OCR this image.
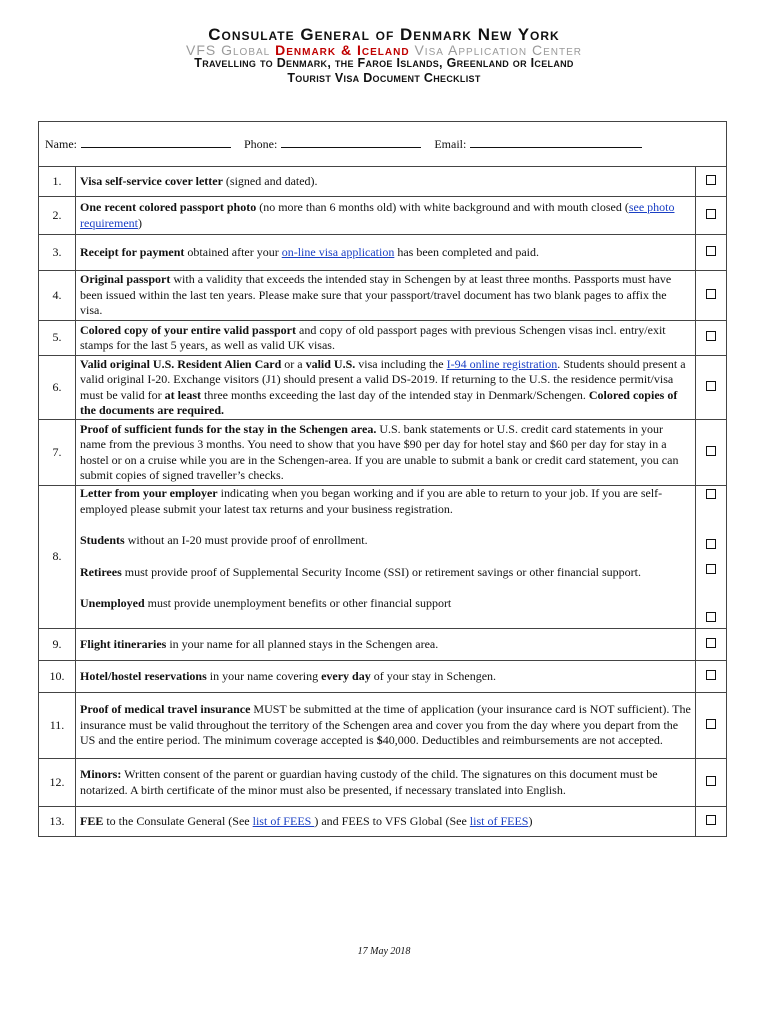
Consulate General of Denmark New York
VFS Global Denmark & Iceland Visa Application Center
Travelling to Denmark, the Faroe Islands, Greenland or Iceland
Tourist Visa Document Checklist
Name: Phone: Email:		
1.	Visa self-service cover letter (signed and dated).	
2.	One recent colored passport photo (no more than 6 months old) with white background and with mouth closed (see photo requirement)	
3.	Receipt for payment obtained after your on-line visa application has been completed and paid.	
4.	Original passport with a validity that exceeds the intended stay in Schengen by at least three months. Passports must have been issued within the last ten years. Please make sure that your passport/travel document has two blank pages to affix the visa.	
5.	Colored copy of your entire valid passport and copy of old passport pages with previous Schengen visas incl. entry/exit stamps for the last 5 years, as well as valid UK visas.	
6.	Valid original U.S. Resident Alien Card or a valid U.S. visa including the I-94 online registration. Students should present a valid original I-20. Exchange visitors (J1) should present a valid DS-2019. If returning to the U.S. the residence permit/visa must be valid for at least three months exceeding the last day of the intended stay in Denmark/Schengen. Colored copies of the documents are required.	
7.	Proof of sufficient funds for the stay in the Schengen area. U.S. bank statements or U.S. credit card statements in your name from the previous 3 months. You need to show that you have $90 per day for hotel stay and $60 per day for stay in a hostel or on a cruise while you are in the Schengen-area. If you are unable to submit a bank or credit card statement, you can submit copies of signed traveller’s checks.	
8.	Letter from your employer indicating when you began working and if you are able to return to your job. If you are self-employed please submit your latest tax returns and your business registration.
Students without an I-20 must provide proof of enrollment.
Retirees must provide proof of Supplemental Security Income (SSI) or retirement savings or other financial support.
Unemployed must provide unemployment benefits or other financial support	

9.	Flight itineraries in your name for all planned stays in the Schengen area.	
10.	Hotel/hostel reservations in your name covering every day of your stay in Schengen.	
11.	Proof of medical travel insurance MUST be submitted at the time of application (your insurance card is NOT sufficient). The insurance must be valid throughout the territory of the Schengen area and cover you from the day where you depart from the US and the entire period. The minimum coverage accepted is $40,000. Deductibles and reimbursements are not accepted.	
12.	Minors: Written consent of the parent or guardian having custody of the child. The signatures on this document must be notarized. A birth certificate of the minor must also be presented, if necessary translated into English.	
13.	FEE to the Consulate General (See list of FEES ) and FEES to VFS Global (See list of FEES)	
17 May 2018
